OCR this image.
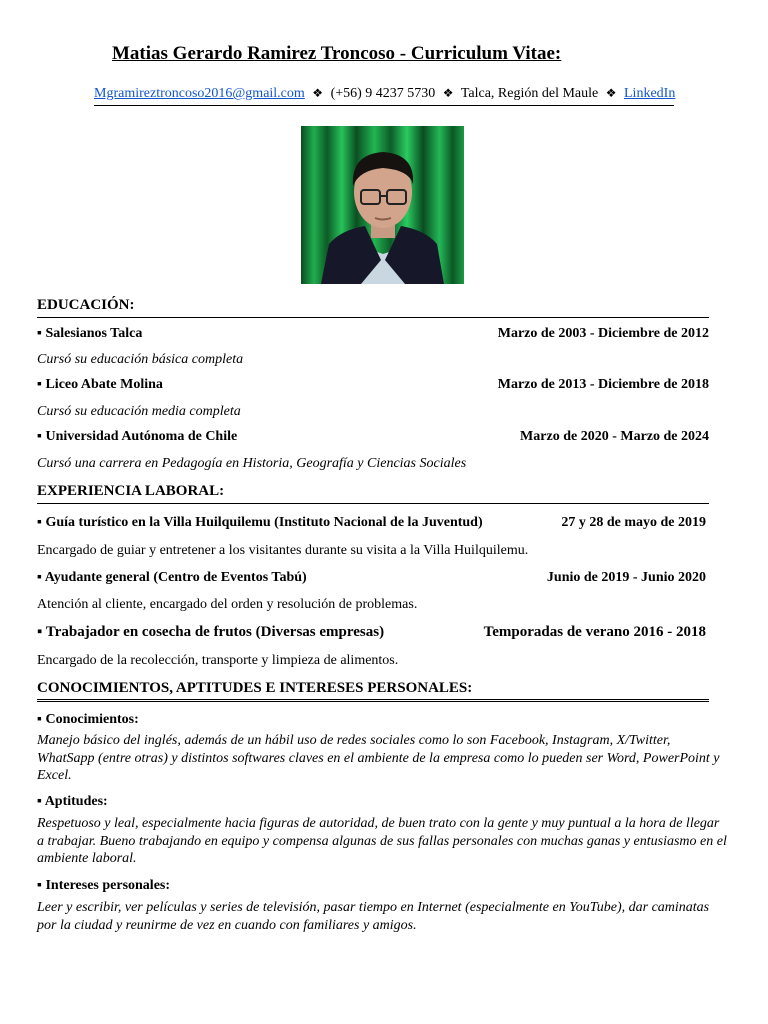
Matias Gerardo Ramirez Troncoso - Curriculum Vitae:
Mgramireztroncoso2016@gmail.com ❖ (+56) 9 4237 5730 ❖ Talca, Región del Maule ❖ LinkedIn
EDUCACIÓN:
▪ Salesianos Talca	Marzo de 2003 - Diciembre de 2012
Cursó su educación básica completa
▪ Liceo Abate Molina	Marzo de 2013 - Diciembre de 2018
Cursó su educación media completa
▪ Universidad Autónoma de Chile	Marzo de 2020 - Marzo de 2024
Cursó una carrera en Pedagogía en Historia, Geografía y Ciencias Sociales
EXPERIENCIA LABORAL:
▪ Guía turístico en la Villa Huilquilemu (Instituto Nacional de la Juventud)	27 y 28 de mayo de 2019
Encargado de guiar y entretener a los visitantes durante su visita a la Villa Huilquilemu.
▪ Ayudante general (Centro de Eventos Tabú)	Junio de 2019 - Junio 2020
Atención al cliente, encargado del orden y resolución de problemas.
▪ Trabajador en cosecha de frutos (Diversas empresas)	Temporadas de verano 2016 - 2018
Encargado de la recolección, transporte y limpieza de alimentos.
CONOCIMIENTOS, APTITUDES E INTERESES PERSONALES:
▪ Conocimientos:
Manejo básico del inglés, además de un hábil uso de redes sociales como lo son Facebook, Instagram, X/Twitter, WhatSapp (entre otras) y distintos softwares claves en el ambiente de la empresa como lo pueden ser Word, PowerPoint y Excel.
▪ Aptitudes:
Respetuoso y leal, especialmente hacia figuras de autoridad, de buen trato con la gente y muy puntual a la hora de llegar a trabajar. Bueno trabajando en equipo y compensa algunas de sus fallas personales con muchas ganas y entusiasmo en el ambiente laboral.
▪ Intereses personales:
Leer y escribir, ver películas y series de televisión, pasar tiempo en Internet (especialmente en YouTube), dar caminatas por la ciudad y reunirme de vez en cuando con familiares y amigos.
